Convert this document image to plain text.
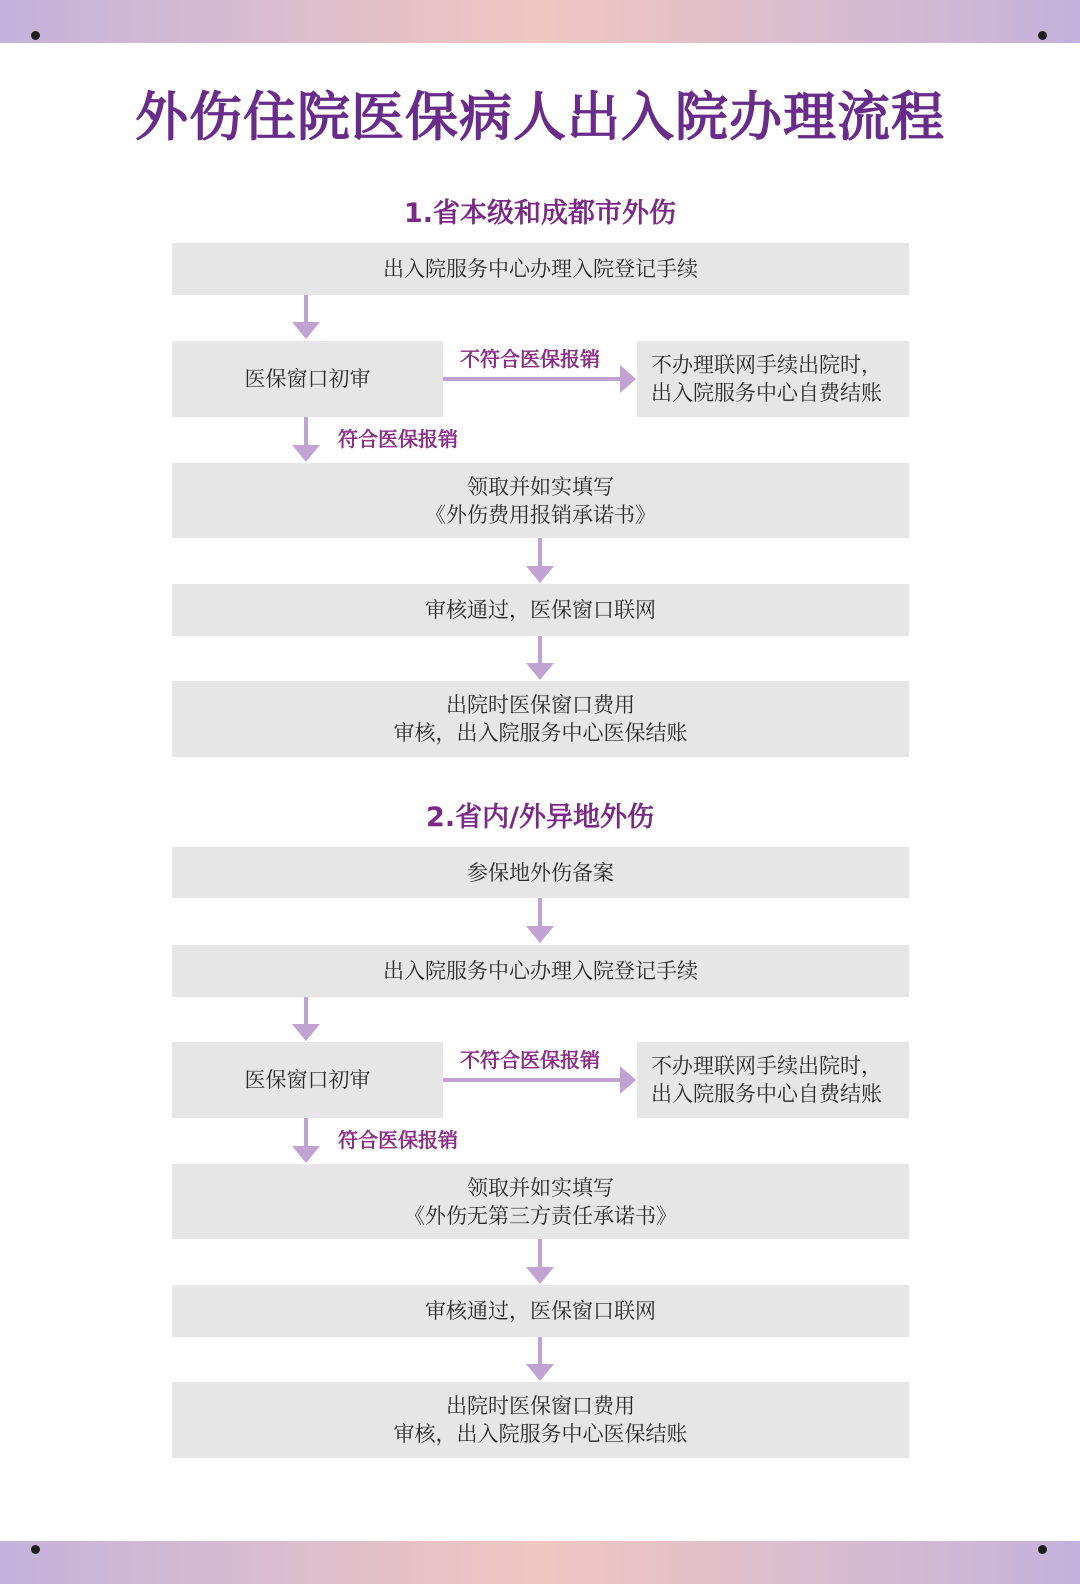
外伤住院医保病人出入院办理流程
1.省本级和成都市外伤
出入院服务中心办理入院登记手续
医保窗口初审
不符合医保报销 不办理联网手续出院时，
出入院服务中心自费结账
符合医保报销
领取并如实填写
《外伤费用报销承诺书》
审核通过，医保窗口联网
出院时医保窗口费用
审核，出入院服务中心医保结账
2.省内/外异地外伤
参保地外伤备案
出入院服务中心办理入院登记手续
医保窗口初审
不符合医保报销 不办理联网手续出院时，
出入院服务中心自费结账
符合医保报销
领取并如实填写
《外伤无第三方责任承诺书》
审核通过，医保窗口联网
出院时医保窗口费用
审核，出入院服务中心医保结账
